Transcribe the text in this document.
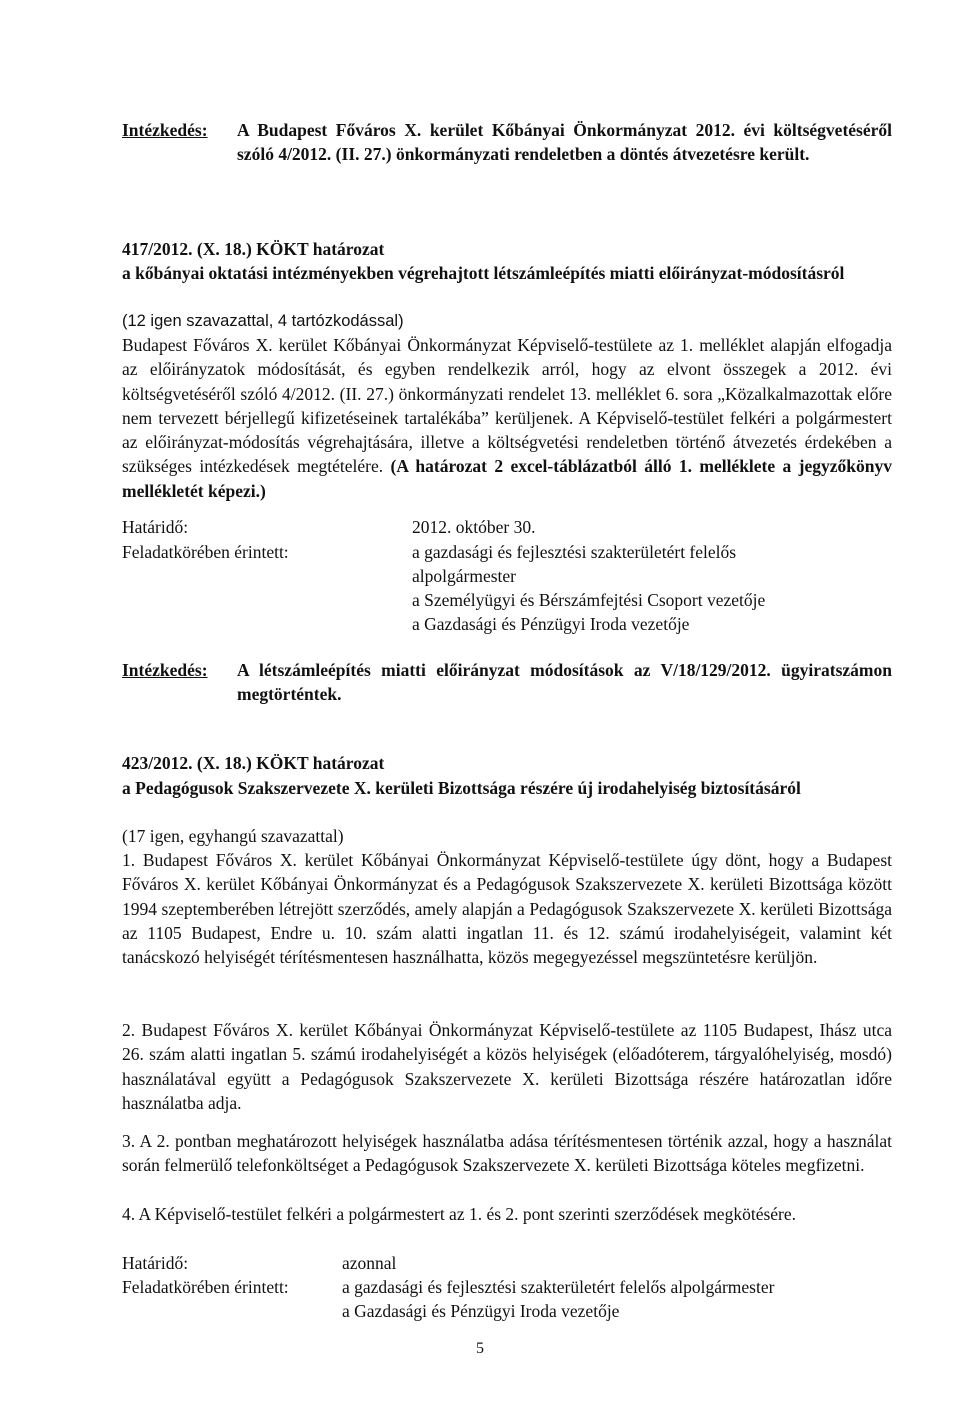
Intézkedés: A Budapest Főváros X. kerület Kőbányai Önkormányzat 2012. évi költségvetéséről szóló 4/2012. (II. 27.) önkormányzati rendeletben a döntés átvezetésre került.
417/2012. (X. 18.) KÖKT határozat
a kőbányai oktatási intézményekben végrehajtott létszámleépítés miatti előirányzat-módosításról
(12 igen szavazattal, 4 tartózkodással)
Budapest Főváros X. kerület Kőbányai Önkormányzat Képviselő-testülete az 1. melléklet alapján elfogadja az előirányzatok módosítását, és egyben rendelkezik arról, hogy az elvont összegek a 2012. évi költségvetéséről szóló 4/2012. (II. 27.) önkormányzati rendelet 13. melléklet 6. sora „Közalkalmazottak előre nem tervezett bérjellegű kifizetéseinek tartalékába” kerüljenek. A Képviselő-testület felkéri a polgármestert az előirányzat-módosítás végrehajtására, illetve a költségvetési rendeletben történő átvezetés érdekében a szükséges intézkedések megtételére. (A határozat 2 excel-táblázatból álló 1. melléklete a jegyzőkönyv mellékletét képezi.)
Határidő:	2012. október 30.
Feladatkörében érintett:	a gazdasági és fejlesztési szakterületért felelős
alpolgármester
a Személyügyi és Bérszámfejtési Csoport vezetője
a Gazdasági és Pénzügyi Iroda vezetője
Intézkedés: A létszámleépítés miatti előirányzat módosítások az V/18/129/2012. ügyiratszámon megtörténtek.
423/2012. (X. 18.) KÖKT határozat
a Pedagógusok Szakszervezete X. kerületi Bizottsága részére új irodahelyiség biztosításáról
(17 igen, egyhangú szavazattal)
1. Budapest Főváros X. kerület Kőbányai Önkormányzat Képviselő-testülete úgy dönt, hogy a Budapest Főváros X. kerület Kőbányai Önkormányzat és a Pedagógusok Szakszervezete X. kerületi Bizottsága között 1994 szeptemberében létrejött szerződés, amely alapján a Pedagógusok Szakszervezete X. kerületi Bizottsága az 1105 Budapest, Endre u. 10. szám alatti ingatlan 11. és 12. számú irodahelyiségeit, valamint két tanácskozó helyiségét térítésmentesen használhatta, közös megegyezéssel megszüntetésre kerüljön.
2. Budapest Főváros X. kerület Kőbányai Önkormányzat Képviselő-testülete az 1105 Budapest, Ihász utca 26. szám alatti ingatlan 5. számú irodahelyiségét a közös helyiségek (előadóterem, tárgyalóhelyiség, mosdó) használatával együtt a Pedagógusok Szakszervezete X. kerületi Bizottsága részére határozatlan időre használatba adja.
3. A 2. pontban meghatározott helyiségek használatba adása térítésmentesen történik azzal, hogy a használat során felmerülő telefonköltséget a Pedagógusok Szakszervezete X. kerületi Bizottsága köteles megfizetni.
4. A Képviselő-testület felkéri a polgármestert az 1. és 2. pont szerinti szerződések megkötésére.
Határidő:	azonnal
Feladatkörében érintett:	a gazdasági és fejlesztési szakterületért felelős alpolgármester
a Gazdasági és Pénzügyi Iroda vezetője
5
